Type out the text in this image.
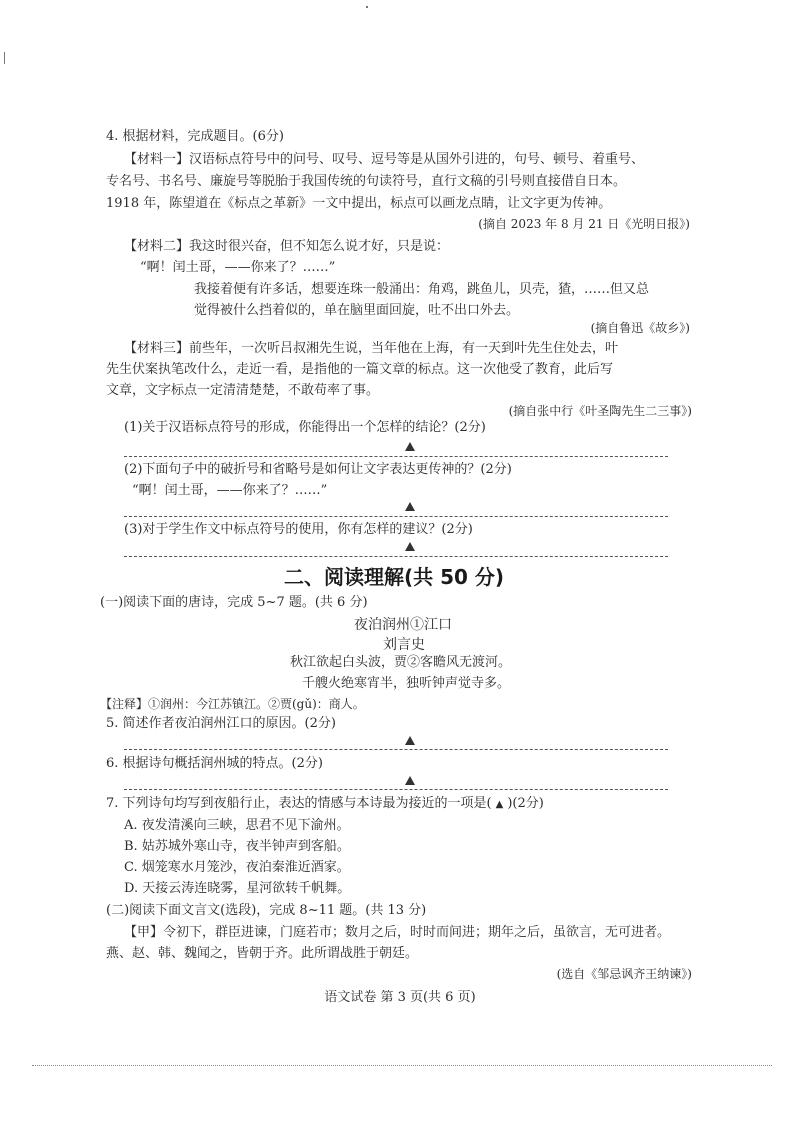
4. 根据材料，完成题目。(6分)
【材料一】汉语标点符号中的问号、叹号、逗号等是从国外引进的，句号、顿号、着重号、
专名号、书名号、廉旋号等脱胎于我国传统的句读符号，直行文稿的引号则直接借自日本。
1918 年，陈望道在《标点之革新》一文中提出，标点可以画龙点睛，让文字更为传神。
(摘自 2023 年 8 月 21 日《光明日报》)
【材料二】我这时很兴奋，但不知怎么说才好，只是说：
“啊！闰土哥，——你来了？……”
我接着便有许多话，想要连珠一般涌出：角鸡，跳鱼儿，贝壳，猹，……但又总
觉得被什么挡着似的，单在脑里面回旋，吐不出口外去。
(摘自鲁迅《故乡》)
【材料三】前些年，一次听吕叔湘先生说，当年他在上海，有一天到叶先生住处去，叶
先生伏案执笔改什么，走近一看，是指他的一篇文章的标点。这一次他受了教育，此后写
文章，文字标点一定清清楚楚，不敢苟率了事。
(摘自张中行《叶圣陶先生二三事》)
(1)关于汉语标点符号的形成，你能得出一个怎样的结论？(2分)
(2)下面句子中的破折号和省略号是如何让文字表达更传神的？(2分)
“啊！闰土哥，——你来了？……”
(3)对于学生作文中标点符号的使用，你有怎样的建议？(2分)
二、阅读理解(共 50 分)
(一)阅读下面的唐诗，完成 5~7 题。(共 6 分)
夜泊润州①江口
刘言史
秋江欲起白头波，贾②客瞻风无渡河。
千艘火绝寒宵半，独听钟声觉寺多。
【注释】①润州：今江苏镇江。②贾(gǔ)：商人。
5. 简述作者夜泊润州江口的原因。(2分)
6. 根据诗句概括润州城的特点。(2分)
7. 下列诗句均写到夜船行止，表达的情感与本诗最为接近的一项是( ▲ )(2分)
A. 夜发清溪向三峡，思君不见下渝州。
B. 姑苏城外寒山寺，夜半钟声到客船。
C. 烟笼寒水月笼沙，夜泊秦淮近酒家。
D. 天接云涛连晓雾，星河欲转千帆舞。
(二)阅读下面文言文(选段)，完成 8~11 题。(共 13 分)
【甲】令初下，群臣进谏，门庭若市；数月之后，时时而间进；期年之后，虽欲言，无可进者。
燕、赵、韩、魏闻之，皆朝于齐。此所谓战胜于朝廷。
(选自《邹忌讽齐王纳谏》)
语文试卷 第 3 页(共 6 页)
